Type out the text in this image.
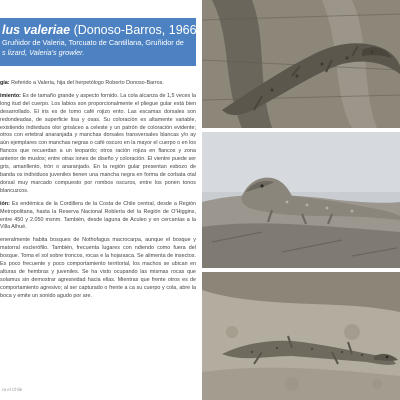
lus valeriae (Donoso-Barros, 1966)
Gruñidor de Valeria, Torcuato de Cantillana, Gruñidor de
s lizard, Valeria's growler.

gía: Referido a Valeria, hija del herpetólogo Roberto Donoso-Barros.

imiento: Es de tamaño grande y aspecto fornido. La cola alcanza de 1,5 veces la long itud del cuerpo. Los labios son proporcionalmente el pliegue gular está bien desarrollado. El iris es de tomo café rojizo ento. Las escamas dorsales son redondeadas, de superficie lisa y osas. Su coloración es altamente variable, existiendo individuos olor grisáceo a celeste y un patrón de coloración evidente; otros con ertebral anaranjada y manchas dorsales transversales blancas y/o ay aún ejemplares con manchas negras o café oscuro en la mayor el cuerpo o en los flancos que recuerdan a un leopardo; otros ración rojiza en flancos y zona anterior de muslos; entre otras iones de diseño y coloración. El vientre puede ser gris, amarillento, trón o anaranjado. En la región gular presentan esbozo de banda os individuos juveniles tienen una mancha negra en forma de corbata otal dorsal muy marcado compuesto por rombos oscuros, entre los ponen tonos blancuzcos.

ión: Es endémica de la Cordillera de la Costa de Chile central, desde a Región Metropolitana, hasta la Reserva Nacional Roblería del la Región de O'Higgins, entre 450 y 2.050 msnm. También, desde laguna de Aculeo y en cercanías a la Villa Alhué.

eneralmente habita bosques de Nothofagus macrocarpa, aunque el bosque y matorral esclerófilo. También, frecuenta lugares con ndiendo como fuera del bosque. Toma el sol sobre troncos, rocas e la hojarasca. Se alimenta de insectos. Es poco frecuente y poco comportamiento territorial, los machos se ubican en alturas de hembras y juveniles. Se ha visto ocupando las mismas rocas que solamus sin demostrar agresividad hacia ellas. Mientras que frente otros es de comportamiento agresivo; al ser capturado o frente a ca su cuerpo y cola, abre la boca y emite un sonido agudo por are.

ra el Chile
